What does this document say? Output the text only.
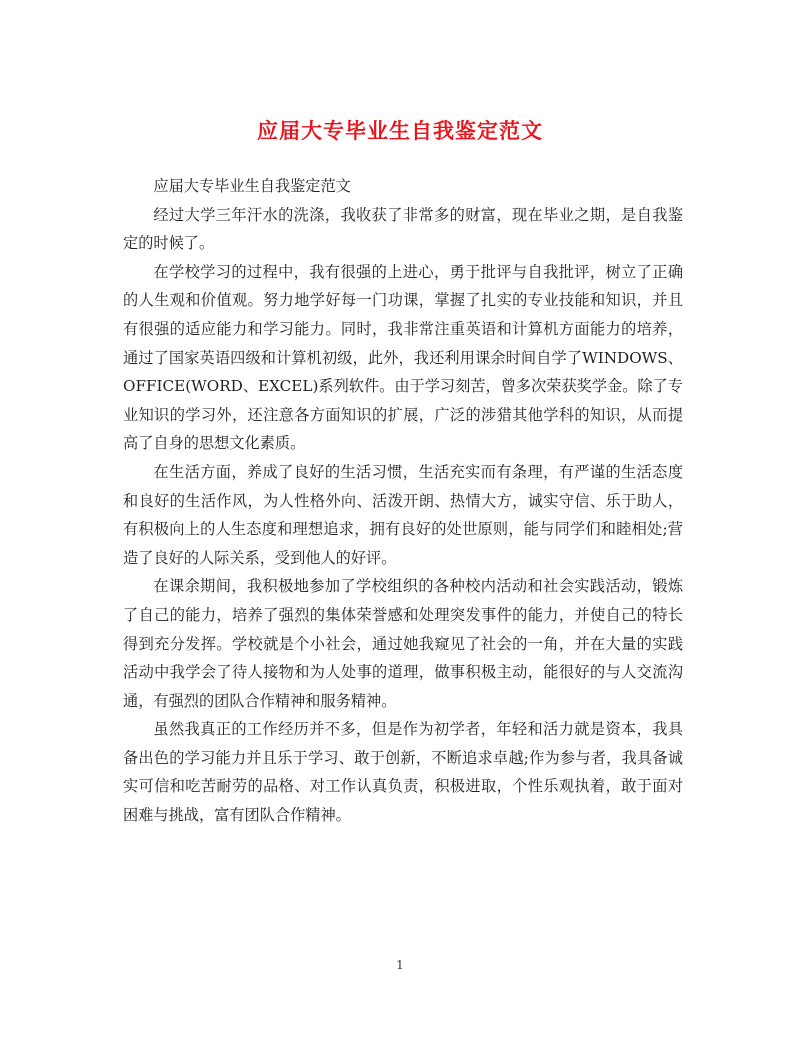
应届大专毕业生自我鉴定范文

应届大专毕业生自我鉴定范文

经过大学三年汗水的洗涤，我收获了非常多的财富，现在毕业之期，是自我鉴定的时候了。

在学校学习的过程中，我有很强的上进心，勇于批评与自我批评，树立了正确的人生观和价值观。努力地学好每一门功课，掌握了扎实的专业技能和知识，并且有很强的适应能力和学习能力。同时，我非常注重英语和计算机方面能力的培养，通过了国家英语四级和计算机初级，此外，我还利用课余时间自学了WINDOWS、OFFICE(WORD、EXCEL)系列软件。由于学习刻苦，曾多次荣获奖学金。除了专业知识的学习外，还注意各方面知识的扩展，广泛的涉猎其他学科的知识，从而提高了自身的思想文化素质。

在生活方面，养成了良好的生活习惯，生活充实而有条理，有严谨的生活态度和良好的生活作风，为人性格外向、活泼开朗、热情大方，诚实守信、乐于助人，有积极向上的人生态度和理想追求，拥有良好的处世原则，能与同学们和睦相处;营造了良好的人际关系，受到他人的好评。

在课余期间，我积极地参加了学校组织的各种校内活动和社会实践活动，锻炼了自己的能力，培养了强烈的集体荣誉感和处理突发事件的能力，并使自己的特长得到充分发挥。学校就是个小社会，通过她我窥见了社会的一角，并在大量的实践活动中我学会了待人接物和为人处事的道理，做事积极主动，能很好的与人交流沟通，有强烈的团队合作精神和服务精神。

虽然我真正的工作经历并不多，但是作为初学者，年轻和活力就是资本，我具备出色的学习能力并且乐于学习、敢于创新，不断追求卓越;作为参与者，我具备诚实可信和吃苦耐劳的品格、对工作认真负责，积极进取，个性乐观执着，敢于面对困难与挑战，富有团队合作精神。

1
